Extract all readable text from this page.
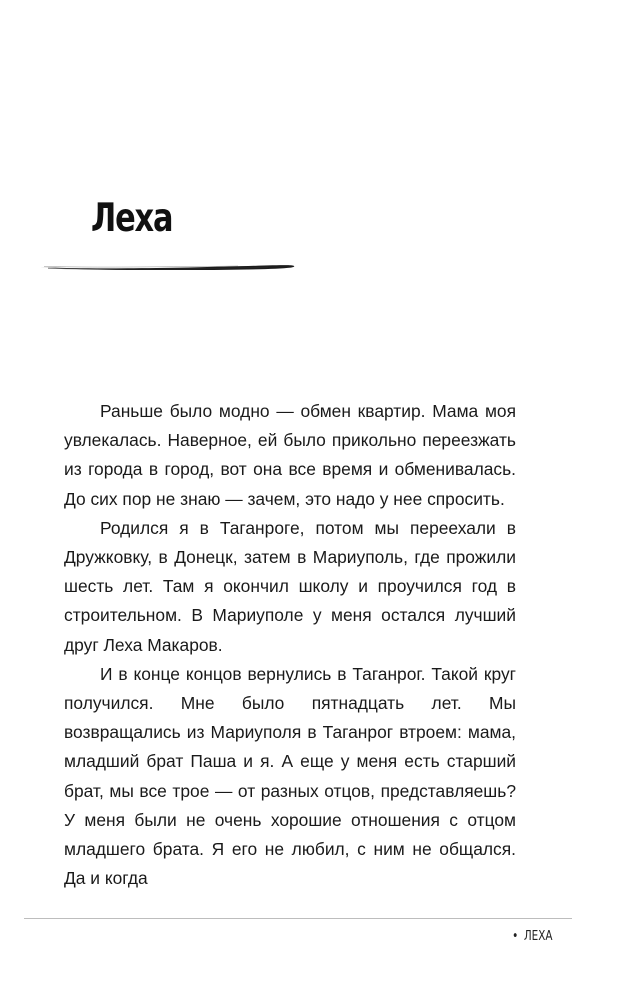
Леха

Раньше было модно — обмен квартир. Мама моя увлекалась. Наверное, ей было прикольно переезжать из города в город, вот она все время и обменивалась. До сих пор не знаю — зачем, это надо у нее спросить.

Родился я в Таганроге, потом мы переехали в Дружковку, в Донецк, затем в Мариуполь, где прожили шесть лет. Там я окончил школу и проучился год в строительном. В Мариуполе у меня остался лучший друг Леха Макаров.

И в конце концов вернулись в Таганрог. Такой круг получился. Мне было пятнадцать лет. Мы возвращались из Мариуполя в Таганрог втроем: мама, младший брат Паша и я. А еще у меня есть старший брат, мы все трое — от разных отцов, представляешь? У меня были не очень хорошие отношения с отцом младшего брата. Я его не любил, с ним не общался. Да и когда

• ЛЕХА
